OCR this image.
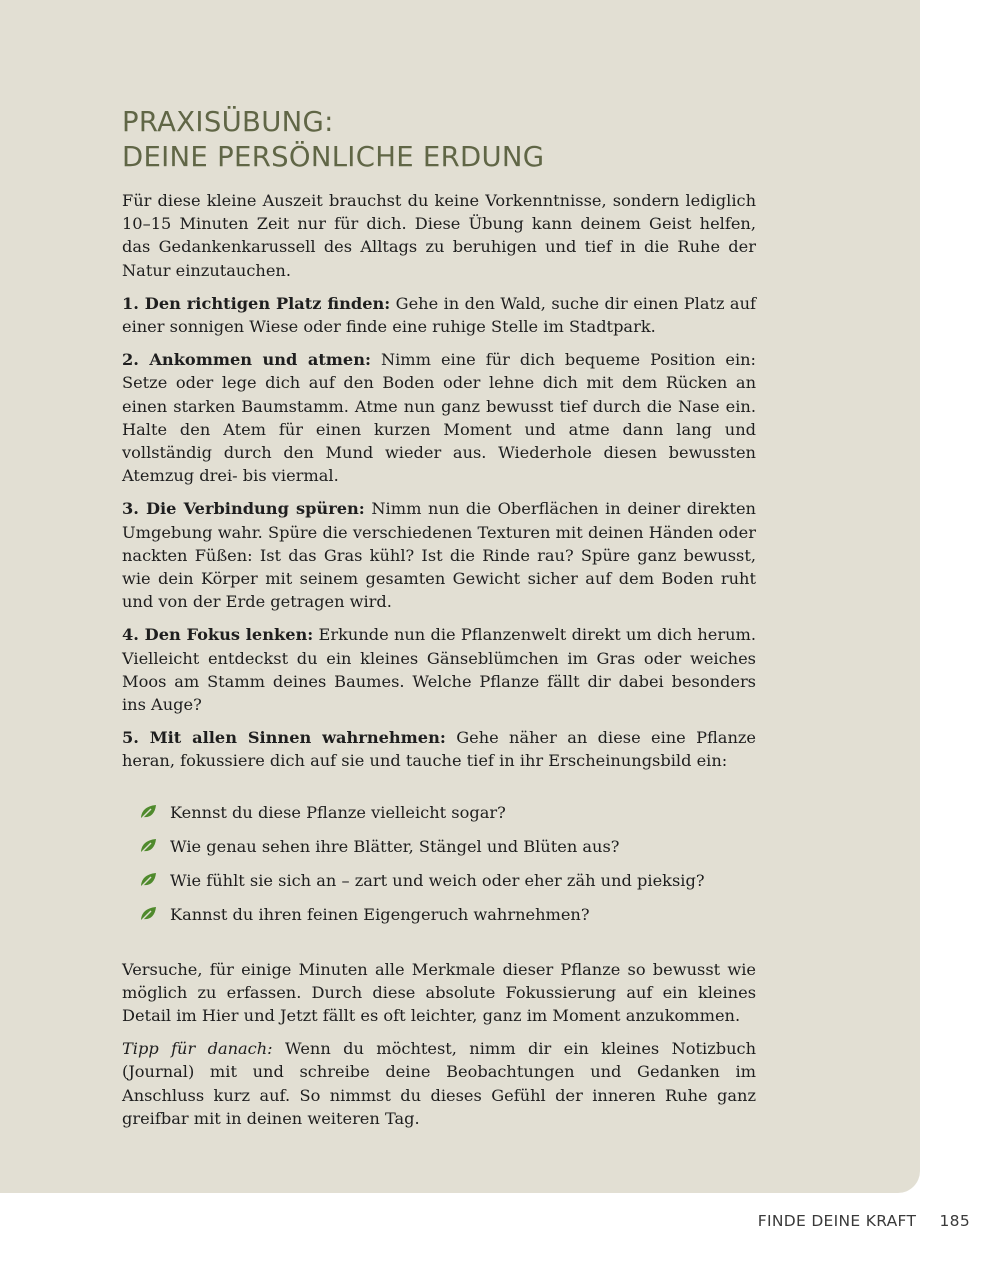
PRAXISÜBUNG:
DEINE PERSÖNLICHE ERDUNG

Für diese kleine Auszeit brauchst du keine Vorkenntnisse, sondern lediglich 10–15 Minuten Zeit nur für dich. Diese Übung kann deinem Geist helfen, das Gedankenkarussell des Alltags zu beruhigen und tief in die Ruhe der Natur einzutauchen.

1. Den richtigen Platz finden: Gehe in den Wald, suche dir einen Platz auf einer sonnigen Wiese oder finde eine ruhige Stelle im Stadtpark.

2. Ankommen und atmen: Nimm eine für dich bequeme Position ein: Setze oder lege dich auf den Boden oder lehne dich mit dem Rücken an einen starken Baumstamm. Atme nun ganz bewusst tief durch die Nase ein. Halte den Atem für einen kurzen Moment und atme dann lang und vollständig durch den Mund wieder aus. Wiederhole diesen bewussten Atemzug drei- bis viermal.

3. Die Verbindung spüren: Nimm nun die Oberflächen in deiner direkten Umgebung wahr. Spüre die verschiedenen Texturen mit deinen Händen oder nackten Füßen: Ist das Gras kühl? Ist die Rinde rau? Spüre ganz bewusst, wie dein Körper mit seinem gesamten Gewicht sicher auf dem Boden ruht und von der Erde getragen wird.

4. Den Fokus lenken: Erkunde nun die Pflanzenwelt direkt um dich herum. Vielleicht entdeckst du ein kleines Gänseblümchen im Gras oder weiches Moos am Stamm deines Baumes. Welche Pflanze fällt dir dabei besonders ins Auge?

5. Mit allen Sinnen wahrnehmen: Gehe näher an diese eine Pflanze heran, fokussiere dich auf sie und tauche tief in ihr Erscheinungsbild ein:

Kennst du diese Pflanze vielleicht sogar?
Wie genau sehen ihre Blätter, Stängel und Blüten aus?
Wie fühlt sie sich an – zart und weich oder eher zäh und pieksig?
Kannst du ihren feinen Eigengeruch wahrnehmen?

Versuche, für einige Minuten alle Merkmale dieser Pflanze so bewusst wie möglich zu erfassen. Durch diese absolute Fokussierung auf ein kleines Detail im Hier und Jetzt fällt es oft leichter, ganz im Moment anzukommen.

Tipp für danach: Wenn du möchtest, nimm dir ein kleines Notizbuch (Journal) mit und schreibe deine Beobachtungen und Gedanken im Anschluss kurz auf. So nimmst du dieses Gefühl der inneren Ruhe ganz greifbar mit in deinen weiteren Tag.

FINDE DEINE KRAFT 185
